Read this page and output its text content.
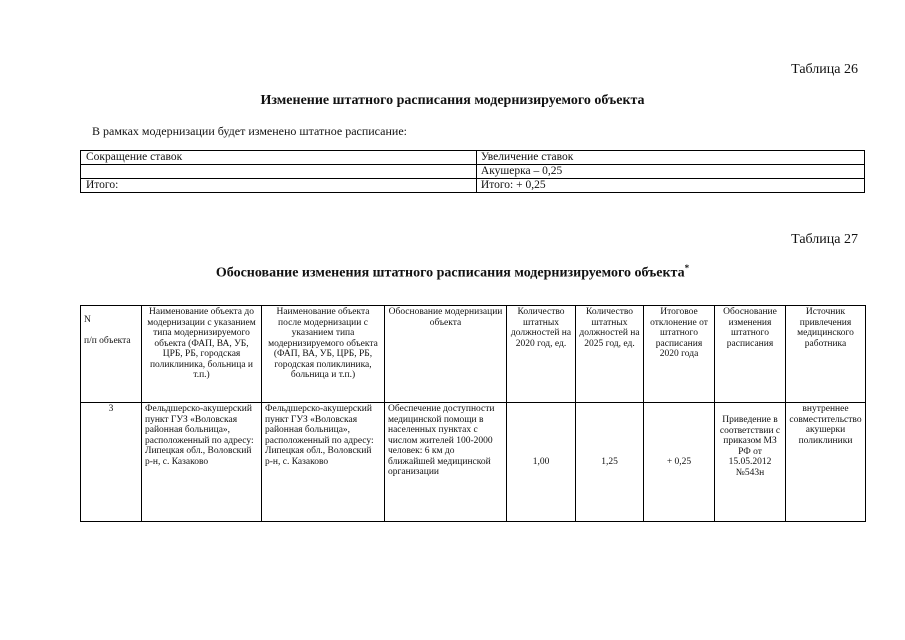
Таблица 26
Изменение штатного расписания модернизируемого объекта
В рамках модернизации будет изменено штатное расписание:
Сокращение ставок	Увеличение ставок
	Акушерка – 0,25
Итого:	Итого: + 0,25
Таблица 27
Обоснование изменения штатного расписания модернизируемого объекта*
N
п/п объекта	Наименование объекта до модернизации с указанием типа модернизируемого объекта (ФАП, ВА, УБ, ЦРБ, РБ, городская поликлиника, больница и т.п.)	Наименование объекта после модернизации с указанием типа модернизируемого объекта (ФАП, ВА, УБ, ЦРБ, РБ, городская поликлиника, больница и т.п.)	Обоснование модернизации объекта	Количество штатных должностей на 2020 год, ед.	Количество штатных должностей на 2025 год, ед.	Итоговое отклонение от штатного расписания 2020 года	Обоснование изменения штатного расписания	Источник привлечения медицинского работника
3	Фельдшерско-акушерский пункт ГУЗ «Воловская районная больница», расположенный по адресу: Липецкая обл., Воловский р-н, с. Казаково	Фельдшерско-акушерский пункт ГУЗ «Воловская районная больница», расположенный по адресу: Липецкая обл., Воловский р-н, с. Казаково	Обеспечение доступности медицинской помощи в населенных пунктах с числом жителей 100-2000 человек: 6 км до ближайшей медицинской организации	1,00	1,25	+ 0,25	Приведение в соответствии с приказом МЗ РФ от 15.05.2012 №543н	внутреннее совместительство акушерки поликлиники
